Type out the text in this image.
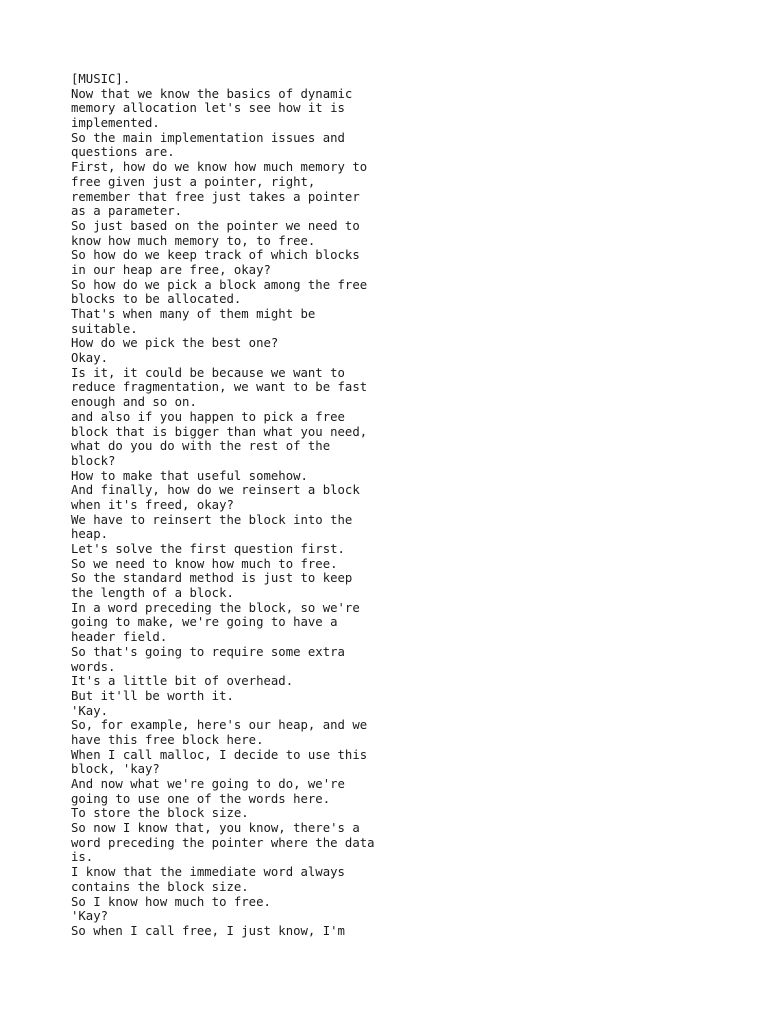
[MUSIC].
Now that we know the basics of dynamic
memory allocation let's see how it is
implemented.
So the main implementation issues and
questions are.
First, how do we know how much memory to
free given just a pointer, right,
remember that free just takes a pointer
as a parameter.
So just based on the pointer we need to
know how much memory to, to free.
So how do we keep track of which blocks
in our heap are free, okay?
So how do we pick a block among the free
blocks to be allocated.
That's when many of them might be
suitable.
How do we pick the best one?
Okay.
Is it, it could be because we want to
reduce fragmentation, we want to be fast
enough and so on.
and also if you happen to pick a free
block that is bigger than what you need,
what do you do with the rest of the
block?
How to make that useful somehow.
And finally, how do we reinsert a block
when it's freed, okay?
We have to reinsert the block into the
heap.
Let's solve the first question first.
So we need to know how much to free.
So the standard method is just to keep
the length of a block.
In a word preceding the block, so we're
going to make, we're going to have a
header field.
So that's going to require some extra
words.
It's a little bit of overhead.
But it'll be worth it.
'Kay.
So, for example, here's our heap, and we
have this free block here.
When I call malloc, I decide to use this
block, 'kay?
And now what we're going to do, we're
going to use one of the words here.
To store the block size.
So now I know that, you know, there's a
word preceding the pointer where the data
is.
I know that the immediate word always
contains the block size.
So I know how much to free.
'Kay?
So when I call free, I just know, I'm
